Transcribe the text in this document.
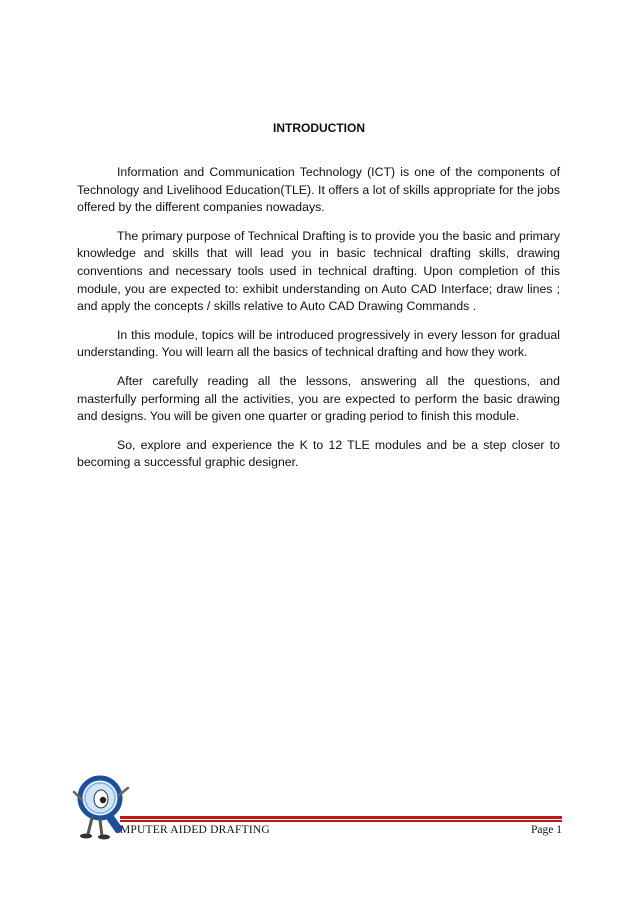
INTRODUCTION

Information and Communication Technology (ICT) is one of the components of Technology and Livelihood Education(TLE). It offers a lot of skills appropriate for the jobs offered by the different companies nowadays.

The primary purpose of Technical Drafting is to provide you the basic and primary knowledge and skills that will lead you in basic technical drafting skills, drawing conventions and necessary tools used in technical drafting. Upon completion of this module, you are expected to: exhibit understanding on Auto CAD Interface; draw lines ; and apply the concepts / skills relative to Auto CAD Drawing Commands .

In this module, topics will be introduced progressively in every lesson for gradual understanding. You will learn all the basics of technical drafting and how they work.

After carefully reading all the lessons, answering all the questions, and masterfully performing all the activities, you are expected to perform the basic drawing and designs. You will be given one quarter or grading period to finish this module.

So, explore and experience the K to 12 TLE modules and be a step closer to becoming a successful graphic designer.

MPUTER AIDED DRAFTING	Page 1
